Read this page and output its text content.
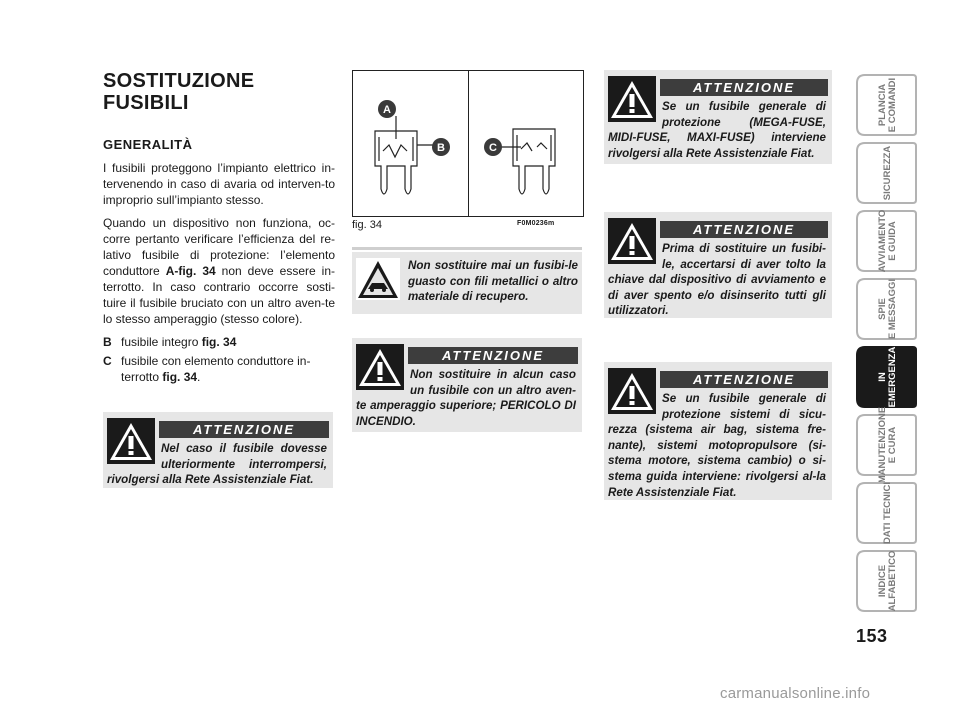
SOSTITUZIONE
FUSIBILI
GENERALITÀ

I fusibili proteggono l’impianto elettrico in-tervenendo in caso di avaria od interven-to improprio sull’impianto stesso.

Quando un dispositivo non funziona, oc-corre pertanto verificare l’efficienza del re-lativo fusibile di protezione: l’elemento conduttore A-fig. 34 non deve essere in-terrotto. In caso contrario occorre sosti-tuire il fusibile bruciato con un altro aven-te lo stesso amperaggio (stesso colore).

B fusibile integro fig. 34
C fusibile con elemento conduttore in-terrotto fig. 34.
ATTENZIONE
Nel caso il fusibile dovesse ulteriormente interrompersi, rivolgersi alla Rete Assistenziale Fiat.
A
B	C
fig. 34	F0M0236m
Non sostituire mai un fusibi-le guasto con fili metallici o altro materiale di recupero.
ATTENZIONE
Non sostituire in alcun caso un fusibile con un altro aven-te amperaggio superiore; PERICOLO DI INCENDIO.
ATTENZIONE
Se un fusibile generale di protezione (MEGA-FUSE, MIDI-FUSE, MAXI-FUSE) interviene rivolgersi alla Rete Assistenziale Fiat.
ATTENZIONE
Prima di sostituire un fusibi-le, accertarsi di aver tolto la chiave dal dispositivo di avviamento e di aver spento e/o disinserito tutti gli utilizzatori.
ATTENZIONE
Se un fusibile generale di protezione sistemi di sicu-rezza (sistema air bag, sistema fre-nante), sistemi motopropulsore (si-stema motore, sistema cambio) o si-stema guida interviene: rivolgersi al-la Rete Assistenziale Fiat.
PLANCIA
E COMANDI
SICUREZZA
AVVIAMENTO
E GUIDA
SPIE
E MESSAGGI
IN
EMERGENZA
MANUTENZIONE
E CURA
DATI TECNICI
INDICE
ALFABETICO
153
carmanualsonline.info
